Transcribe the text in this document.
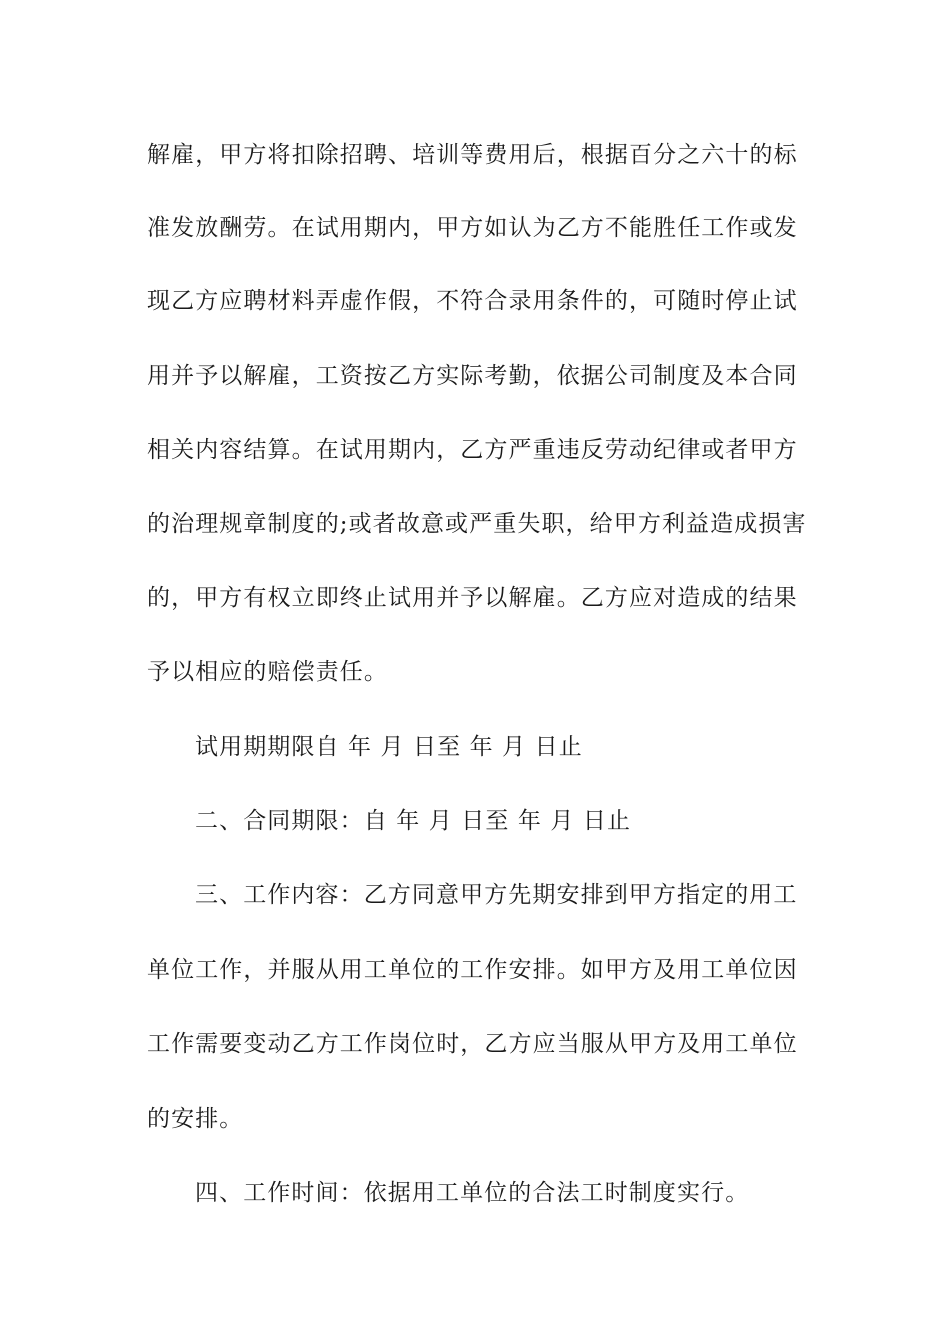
解雇，甲方将扣除招聘、培训等费用后，根据百分之六十的标
准发放酬劳。在试用期内，甲方如认为乙方不能胜任工作或发
现乙方应聘材料弄虚作假，不符合录用条件的，可随时停止试
用并予以解雇，工资按乙方实际考勤，依据公司制度及本合同
相关内容结算。在试用期内，乙方严重违反劳动纪律或者甲方
的治理规章制度的;或者故意或严重失职，给甲方利益造成损害
的，甲方有权立即终止试用并予以解雇。乙方应对造成的结果
予以相应的赔偿责任。
试用期期限自 年 月 日至 年 月 日止
二、合同期限：自 年 月 日至 年 月 日止
三、工作内容：乙方同意甲方先期安排到甲方指定的用工
单位工作，并服从用工单位的工作安排。如甲方及用工单位因
工作需要变动乙方工作岗位时，乙方应当服从甲方及用工单位
的安排。
四、工作时间：依据用工单位的合法工时制度实行。
